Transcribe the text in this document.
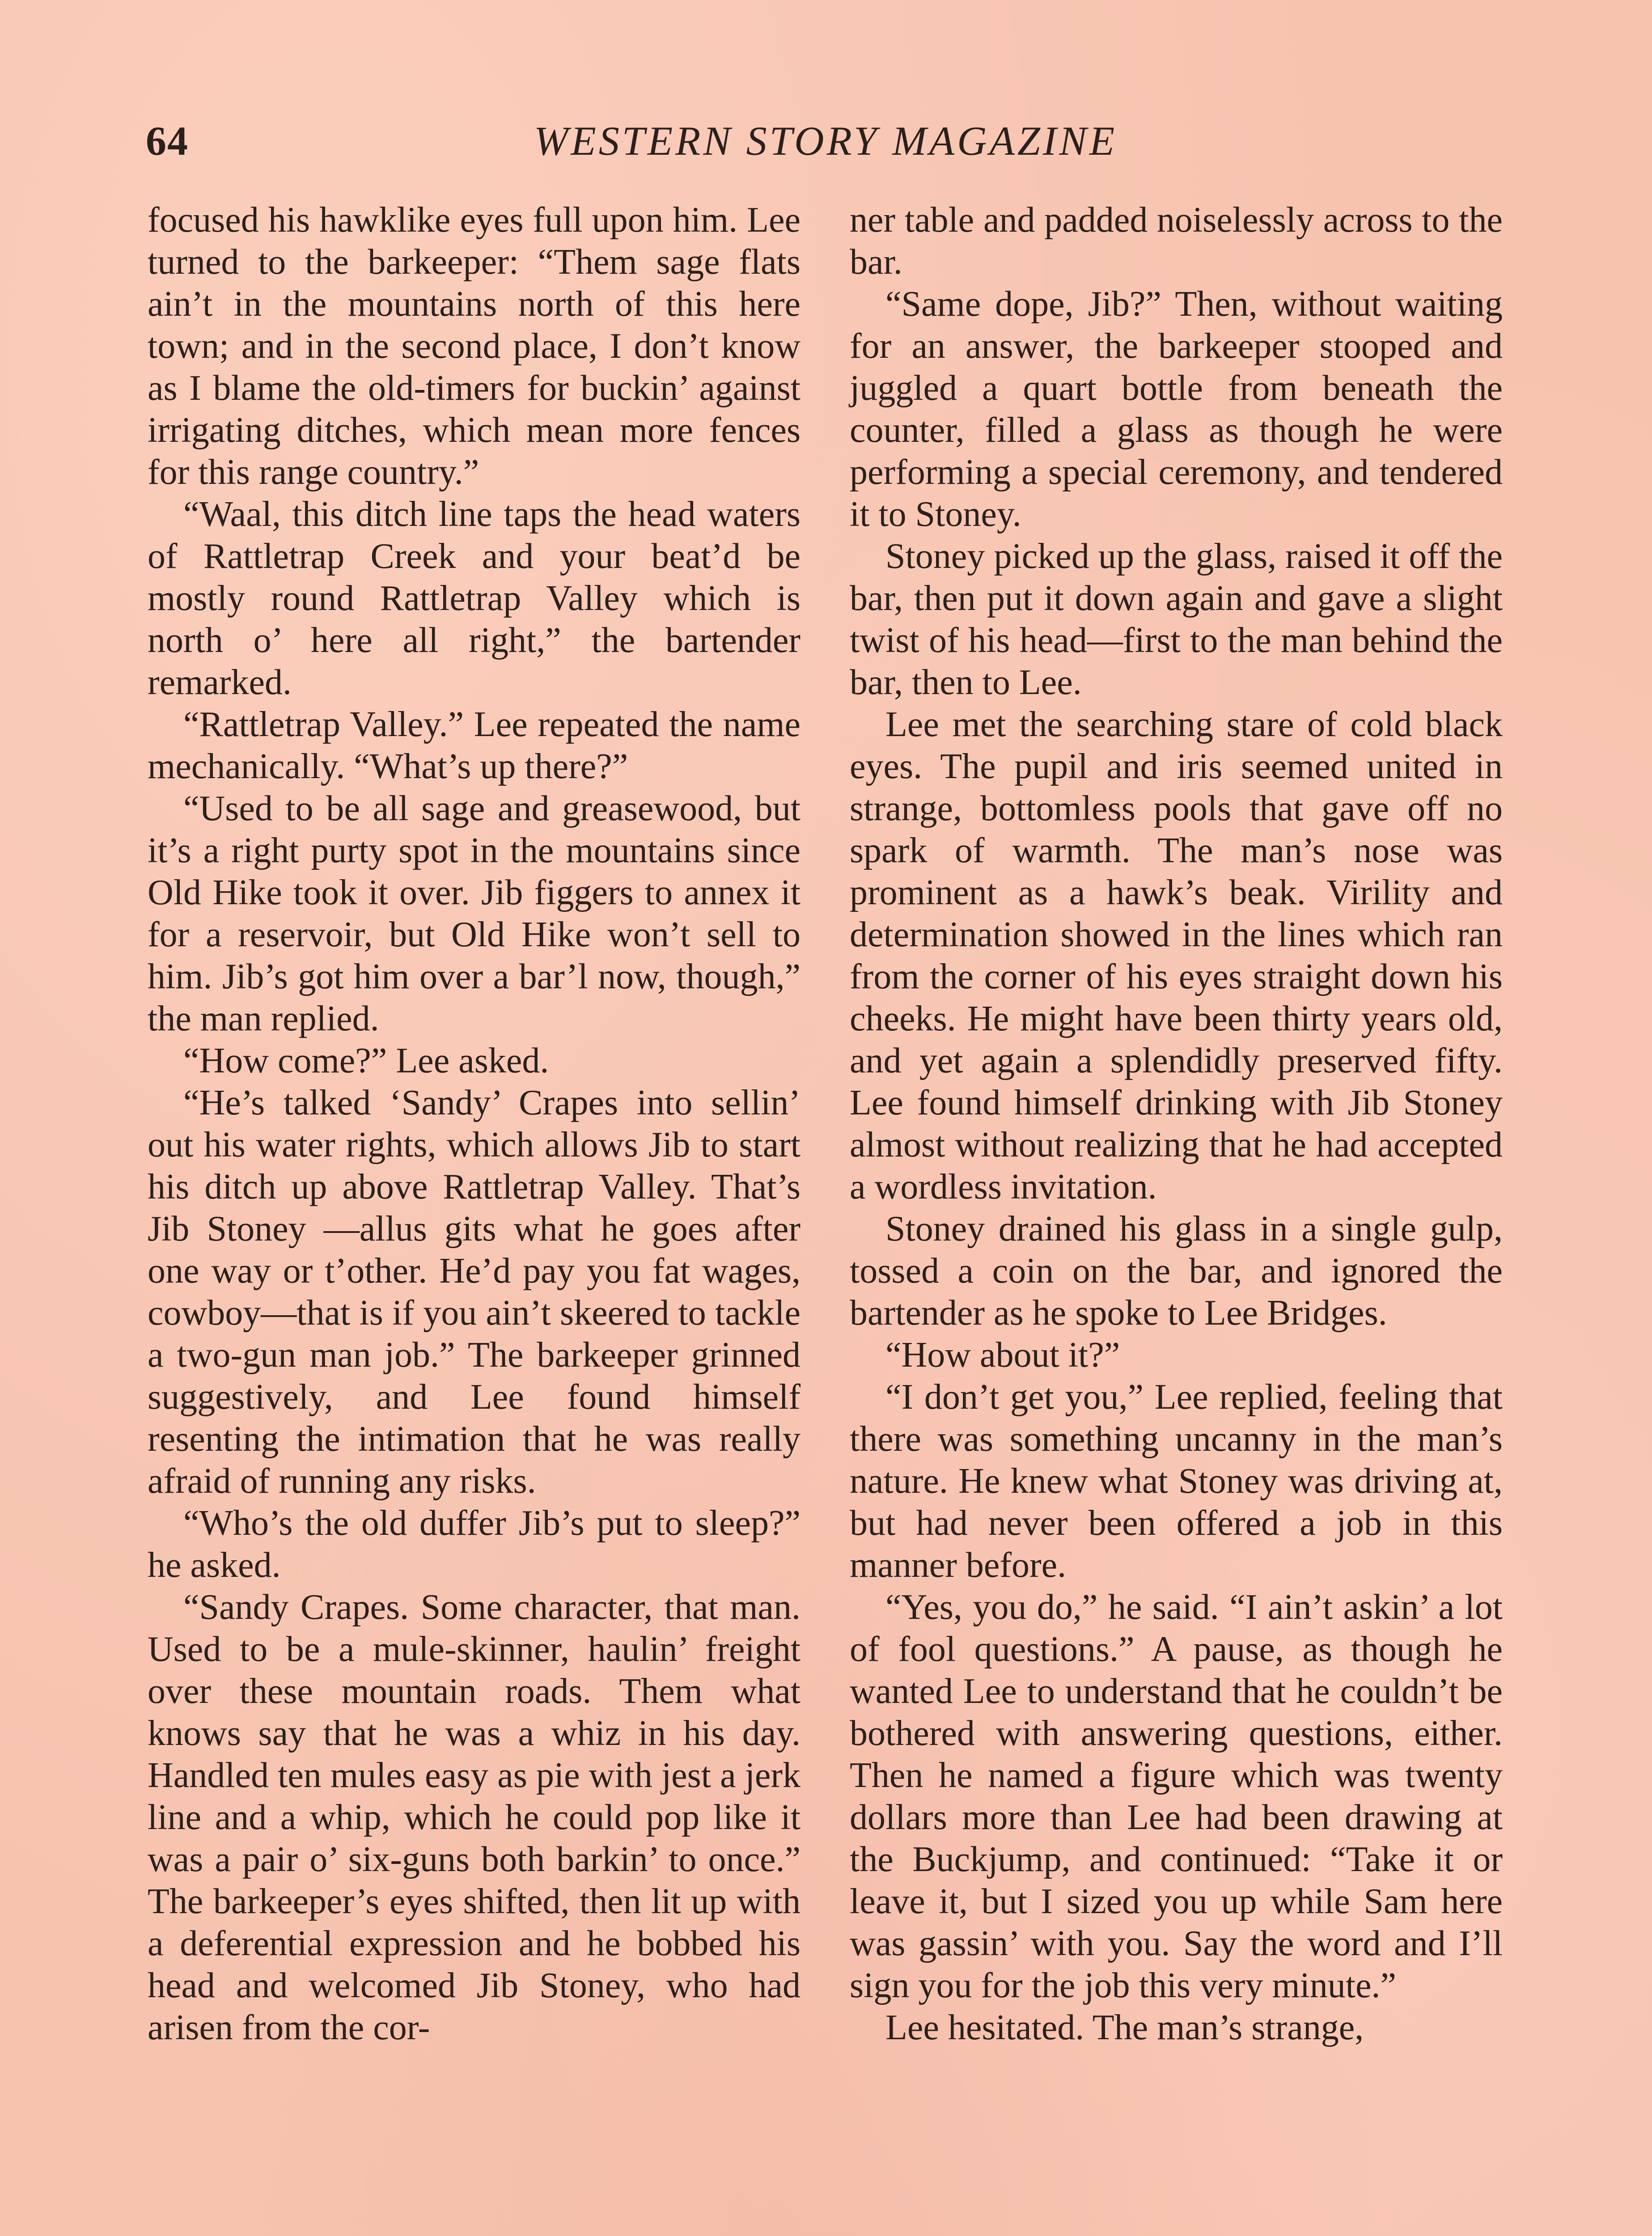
64	WESTERN STORY MAGAZINE

focused his hawklike eyes full upon him. Lee turned to the barkeeper: “Them sage flats ain’t in the mountains north of this here town; and in the second place, I don’t know as I blame the old-timers for buckin’ against irrigating ditches, which mean more fences for this range country.”

“Waal, this ditch line taps the head waters of Rattletrap Creek and your beat’d be mostly round Rattletrap Valley which is north o’ here all right,” the bartender remarked.

“Rattletrap Valley.” Lee repeated the name mechanically. “What’s up there?”

“Used to be all sage and greasewood, but it’s a right purty spot in the mountains since Old Hike took it over. Jib figgers to annex it for a reservoir, but Old Hike won’t sell to him. Jib’s got him over a bar’l now, though,” the man replied.

“How come?” Lee asked.

“He’s talked ‘Sandy’ Crapes into sellin’ out his water rights, which allows Jib to start his ditch up above Rattletrap Valley. That’s Jib Stoney —allus gits what he goes after one way or t’other. He’d pay you fat wages, cowboy—that is if you ain’t skeered to tackle a two-gun man job.” The barkeeper grinned suggestively, and Lee found himself resenting the intimation that he was really afraid of running any risks.

“Who’s the old duffer Jib’s put to sleep?” he asked.

“Sandy Crapes. Some character, that man. Used to be a mule-skinner, haulin’ freight over these mountain roads. Them what knows say that he was a whiz in his day. Handled ten mules easy as pie with jest a jerk line and a whip, which he could pop like it was a pair o’ six-guns both barkin’ to once.” The barkeeper’s eyes shifted, then lit up with a deferential expression and he bobbed his head and welcomed Jib Stoney, who had arisen from the cor-

ner table and padded noiselessly across to the bar.

“Same dope, Jib?” Then, without waiting for an answer, the barkeeper stooped and juggled a quart bottle from beneath the counter, filled a glass as though he were performing a special ceremony, and tendered it to Stoney.

Stoney picked up the glass, raised it off the bar, then put it down again and gave a slight twist of his head—first to the man behind the bar, then to Lee.

Lee met the searching stare of cold black eyes. The pupil and iris seemed united in strange, bottomless pools that gave off no spark of warmth. The man’s nose was prominent as a hawk’s beak. Virility and determination showed in the lines which ran from the corner of his eyes straight down his cheeks. He might have been thirty years old, and yet again a splendidly preserved fifty. Lee found himself drinking with Jib Stoney almost without realizing that he had accepted a wordless invitation.

Stoney drained his glass in a single gulp, tossed a coin on the bar, and ignored the bartender as he spoke to Lee Bridges.

“How about it?”

“I don’t get you,” Lee replied, feeling that there was something uncanny in the man’s nature. He knew what Stoney was driving at, but had never been offered a job in this manner before.

“Yes, you do,” he said. “I ain’t askin’ a lot of fool questions.” A pause, as though he wanted Lee to understand that he couldn’t be bothered with answering questions, either. Then he named a figure which was twenty dollars more than Lee had been drawing at the Buckjump, and continued: “Take it or leave it, but I sized you up while Sam here was gassin’ with you. Say the word and I’ll sign you for the job this very minute.”

Lee hesitated. The man’s strange,
